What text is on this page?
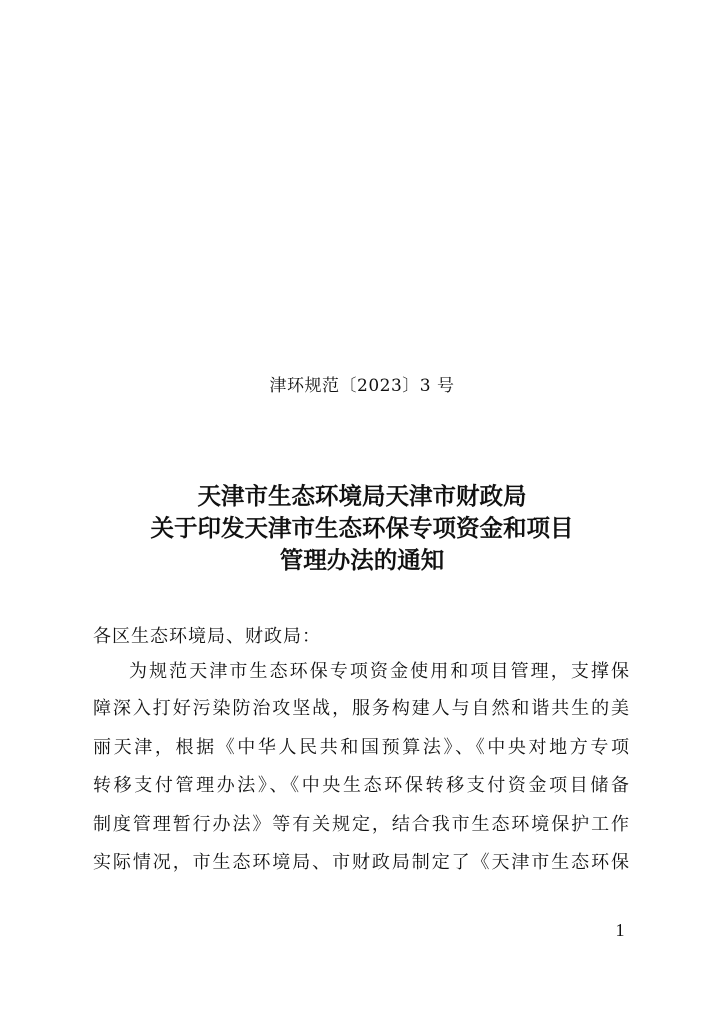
津环规范〔2023〕3 号
天津市生态环境局天津市财政局
关于印发天津市生态环保专项资金和项目
管理办法的通知
各区生态环境局、财政局：
为规范天津市生态环保专项资金使用和项目管理，支撑保
障深入打好污染防治攻坚战，服务构建人与自然和谐共生的美
丽天津，根据《中华人民共和国预算法》、《中央对地方专项
转移支付管理办法》、《中央生态环保转移支付资金项目储备
制度管理暂行办法》等有关规定，结合我市生态环境保护工作
实际情况，市生态环境局、市财政局制定了《天津市生态环保
1
